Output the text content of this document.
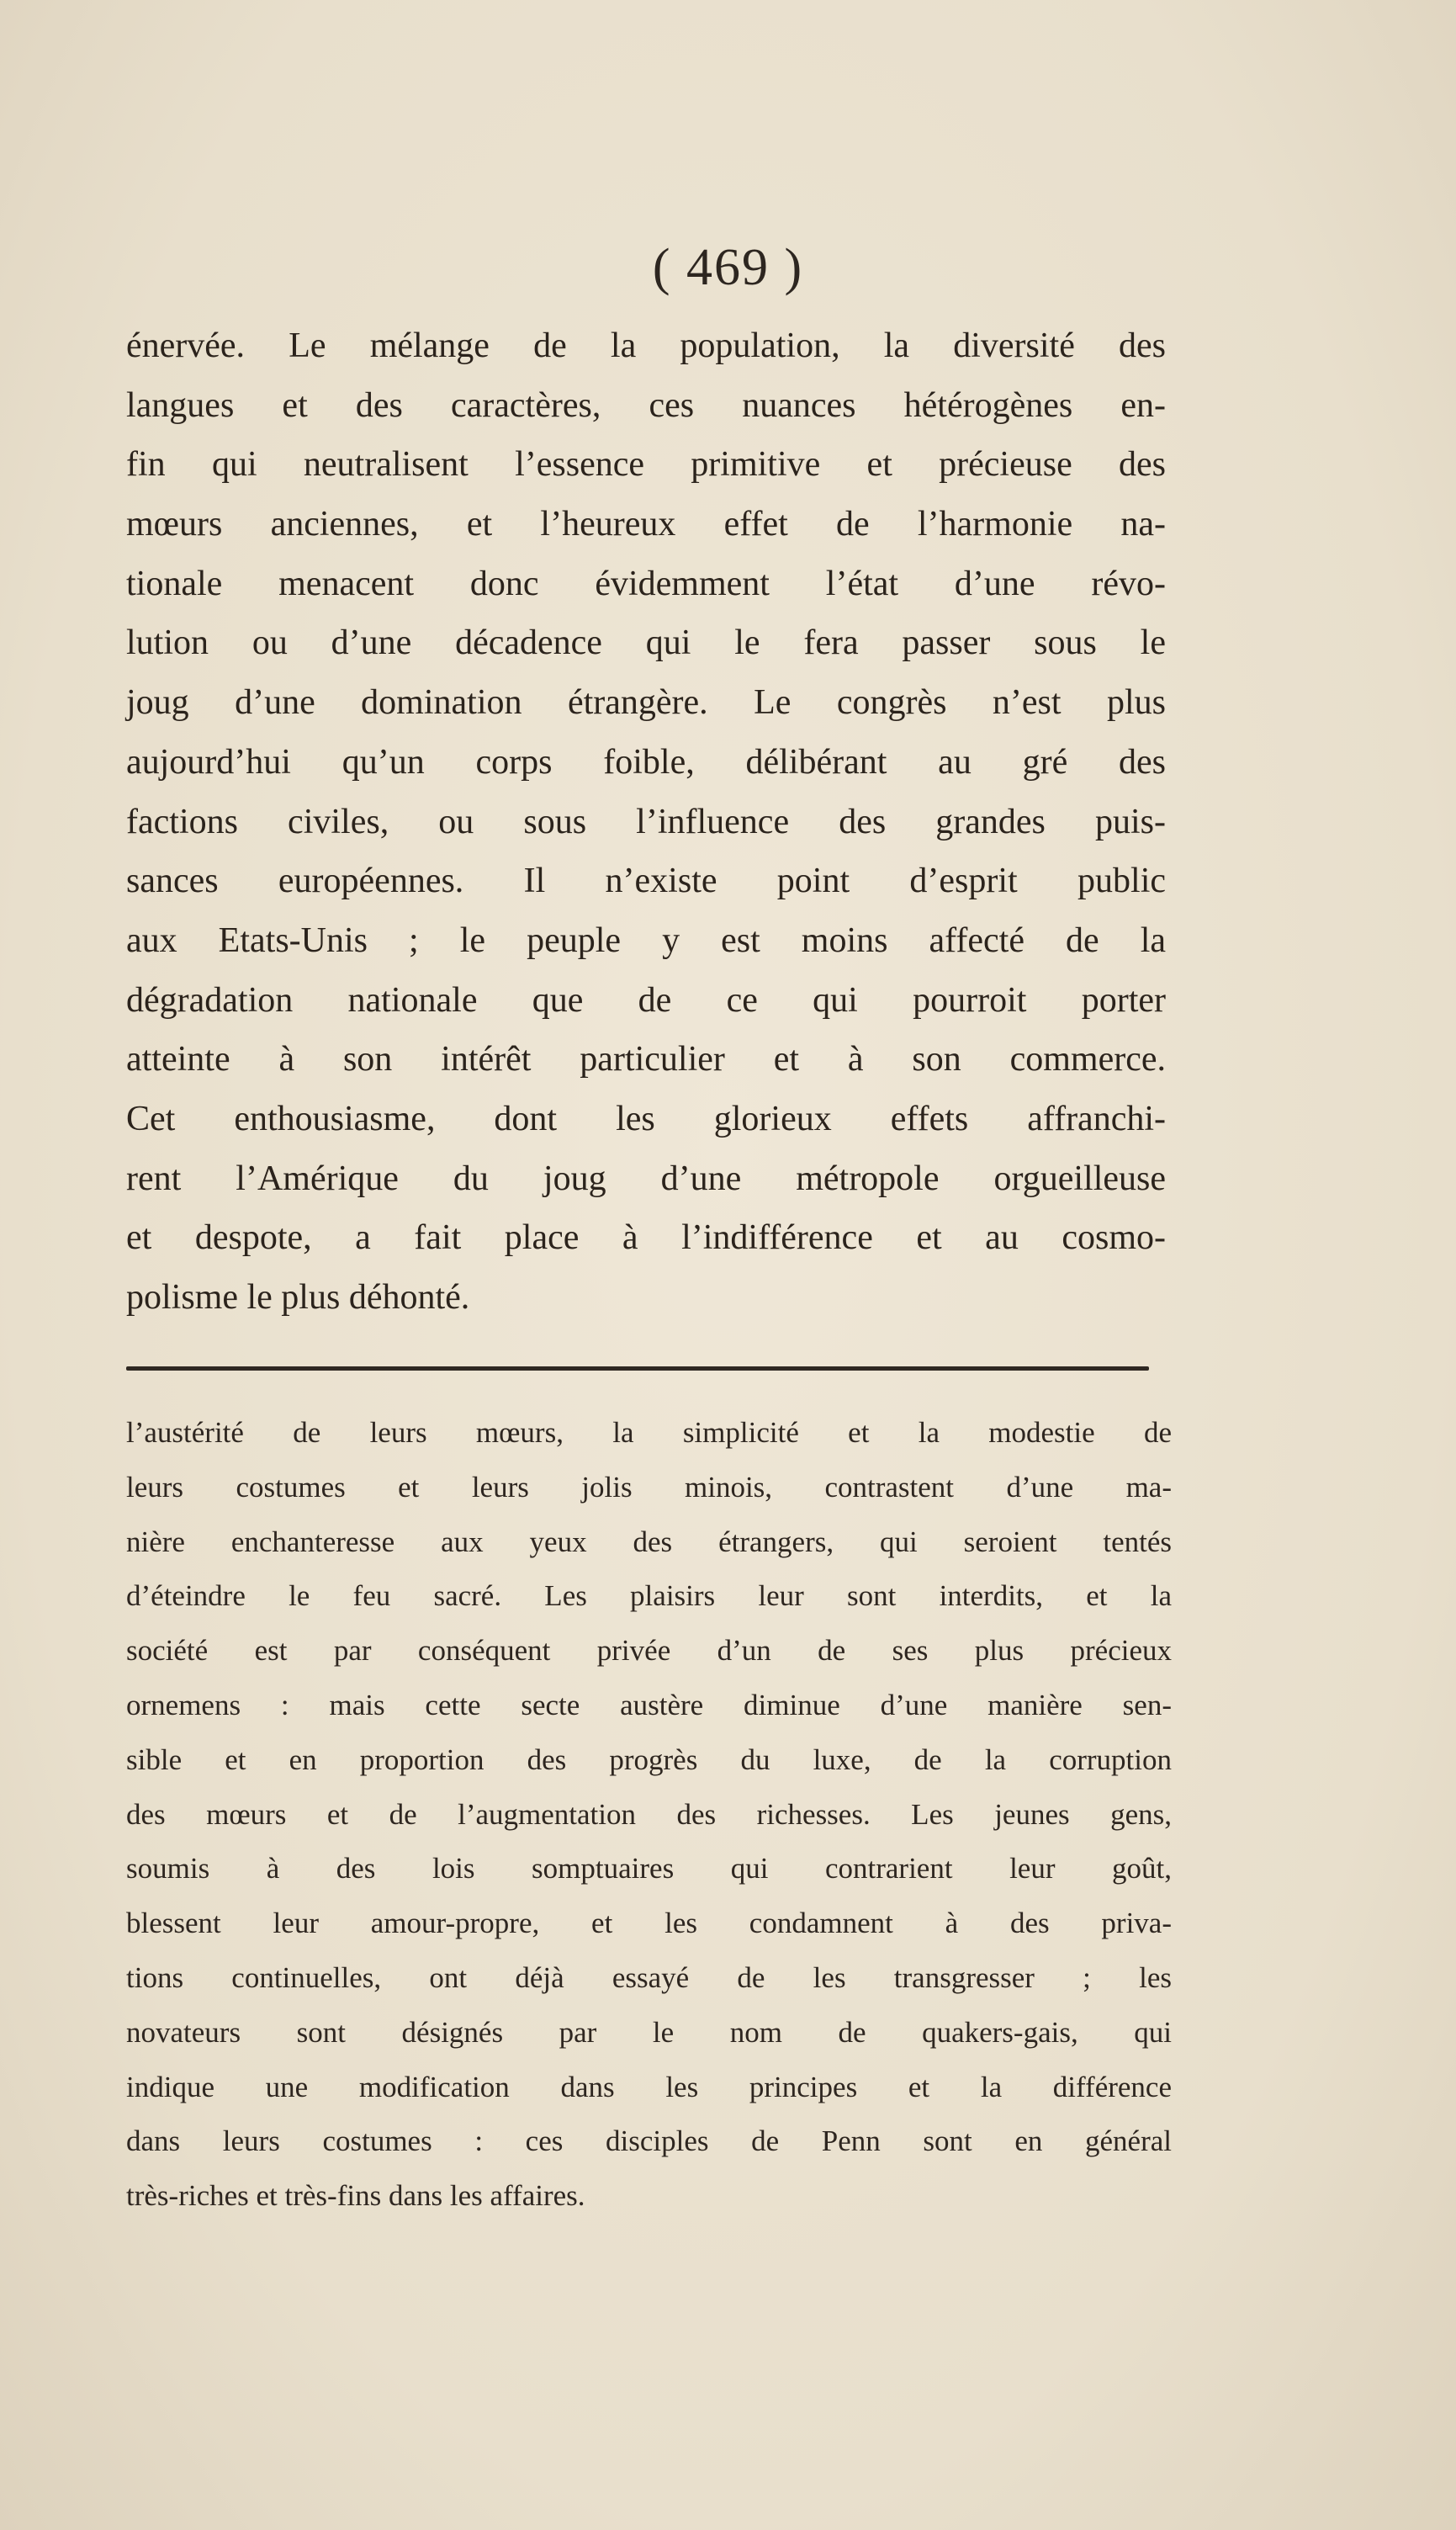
( 469 )
énervée. Le mélange de la population, la diversité des
langues et des caractères, ces nuances hétérogènes en-
fin qui neutralisent l’essence primitive et précieuse des
mœurs anciennes, et l’heureux effet de l’harmonie na-
tionale menacent donc évidemment l’état d’une révo-
lution ou d’une décadence qui le fera passer sous le
joug d’une domination étrangère. Le congrès n’est plus
aujourd’hui qu’un corps foible, délibérant au gré des
factions civiles, ou sous l’influence des grandes puis-
sances européennes. Il n’existe point d’esprit public
aux Etats-Unis ; le peuple y est moins affecté de la
dégradation nationale que de ce qui pourroit porter
atteinte à son intérêt particulier et à son commerce.
Cet enthousiasme, dont les glorieux effets affranchi-
rent l’Amérique du joug d’une métropole orgueilleuse
et despote, a fait place à l’indifférence et au cosmo-
polisme le plus déhonté.
l’austérité de leurs mœurs, la simplicité et la modestie de
leurs costumes et leurs jolis minois, contrastent d’une ma-
nière enchanteresse aux yeux des étrangers, qui seroient tentés
d’éteindre le feu sacré. Les plaisirs leur sont interdits, et la
société est par conséquent privée d’un de ses plus précieux
ornemens : mais cette secte austère diminue d’une manière sen-
sible et en proportion des progrès du luxe, de la corruption
des mœurs et de l’augmentation des richesses. Les jeunes gens,
soumis à des lois somptuaires qui contrarient leur goût,
blessent leur amour-propre, et les condamnent à des priva-
tions continuelles, ont déjà essayé de les transgresser ; les
novateurs sont désignés par le nom de quakers-gais, qui
indique une modification dans les principes et la différence
dans leurs costumes : ces disciples de Penn sont en général
très-riches et très-fins dans les affaires.
